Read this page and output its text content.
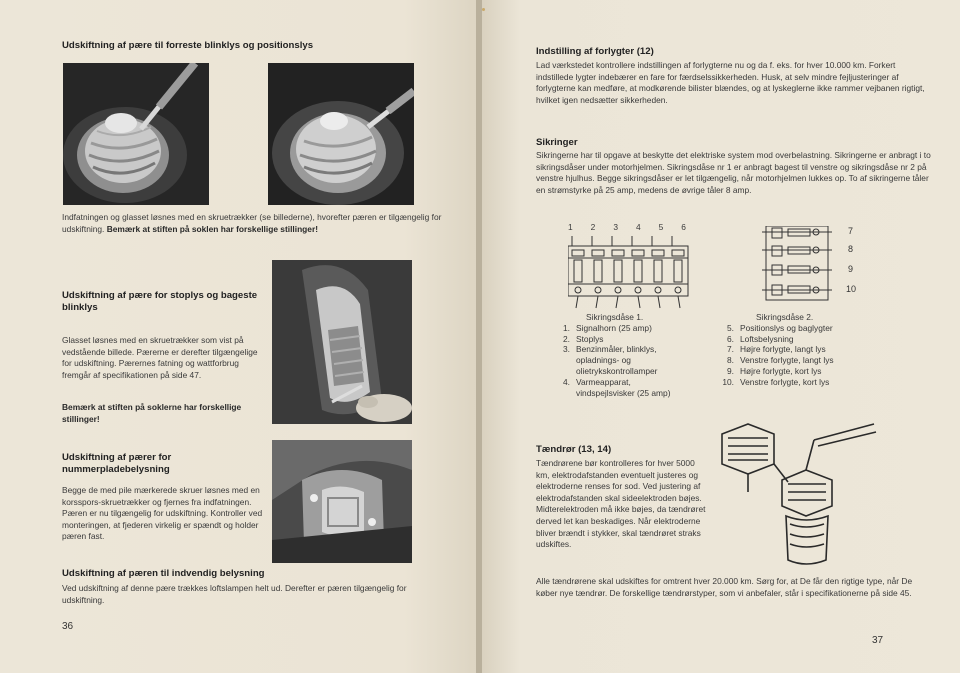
Udskiftning af pære til forreste blinklys og positionslys
Indfatningen og glasset løsnes med en skruetrækker (se billederne), hvorefter pæren er tilgængelig for udskiftning. Bemærk at stiften på soklen har forskellige stillinger!
Udskiftning af pære for stoplys og bageste blinklys
Glasset løsnes med en skruetrækker som vist på vedstående billede. Pærerne er derefter tilgængelige for udskiftning. Pærernes fatning og wattforbrug fremgår af specifikationen på side 47.
Bemærk at stiften på soklerne har forskellige stillinger!
Udskiftning af pærer for nummerpladebelysning
Begge de med pile mærkerede skruer løsnes med en korsspors-skruetrækker og fjernes fra indfatningen. Pæren er nu tilgængelig for udskiftning. Kontroller ved monteringen, at fjederen virkelig er spændt og holder pæren fast.
Udskiftning af pæren til indvendig belysning
Ved udskiftning af denne pære trækkes loftslampen helt ud. Derefter er pæren tilgængelig for udskiftning.
36
Indstilling af forlygter (12)
Lad værkstedet kontrollere indstillingen af forlygterne nu og da f. eks. for hver 10.000 km. Forkert indstillede lygter indebærer en fare for færdselssikkerheden. Husk, at selv mindre fejljusteringer af forlygterne kan medføre, at modkørende bilister blændes, og at lyskeglerne ikke rammer vejbanen rigtigt, hvilket igen nedsætter sikkerheden.
Sikringer
Sikringerne har til opgave at beskytte det elektriske system mod overbelastning. Sikringerne er anbragt i to sikringsdåser under motorhjelmen. Sikringsdåse nr 1 er anbragt bagest til venstre og sikringsdåse nr 2 på venstre hjulhus. Begge sikringsdåser er let tilgængelig, når motorhjelmen lukkes op. To af sikringerne tåler en strømstyrke på 25 amp, medens de øvrige tåler 8 amp.
1 2 3 4 5 6	7
8
9
10
Sikringsdåse 1.
1. Signalhorn (25 amp)
2. Stoplys
3. Benzinmåler, blinklys, opladnings- og olietrykskontrollamper
4. Varmeapparat, vindspejlsvisker (25 amp)
Sikringsdåse 2.
5. Positionslys og baglygter
6. Loftsbelysning
7. Højre forlygte, langt lys
8. Venstre forlygte, langt lys
9. Højre forlygte, kort lys
10. Venstre forlygte, kort lys
Tændrør (13, 14)
Tændrørene bør kontrolleres for hver 5000 km, elektrodafstanden eventuelt justeres og elektroderne renses for sod. Ved justering af elektrodafstanden skal sideelektroden bøjes. Midterelektroden må ikke bøjes, da tændrøret derved let kan beskadiges. Når elektroderne bliver brændt i stykker, skal tændrøret straks udskiftes.
Alle tændrørene skal udskiftes for omtrent hver 20.000 km. Sørg for, at De får den rigtige type, når De køber nye tændrør. De forskellige tændrørstyper, som vi anbefaler, står i specifikationerne på side 45.
37
